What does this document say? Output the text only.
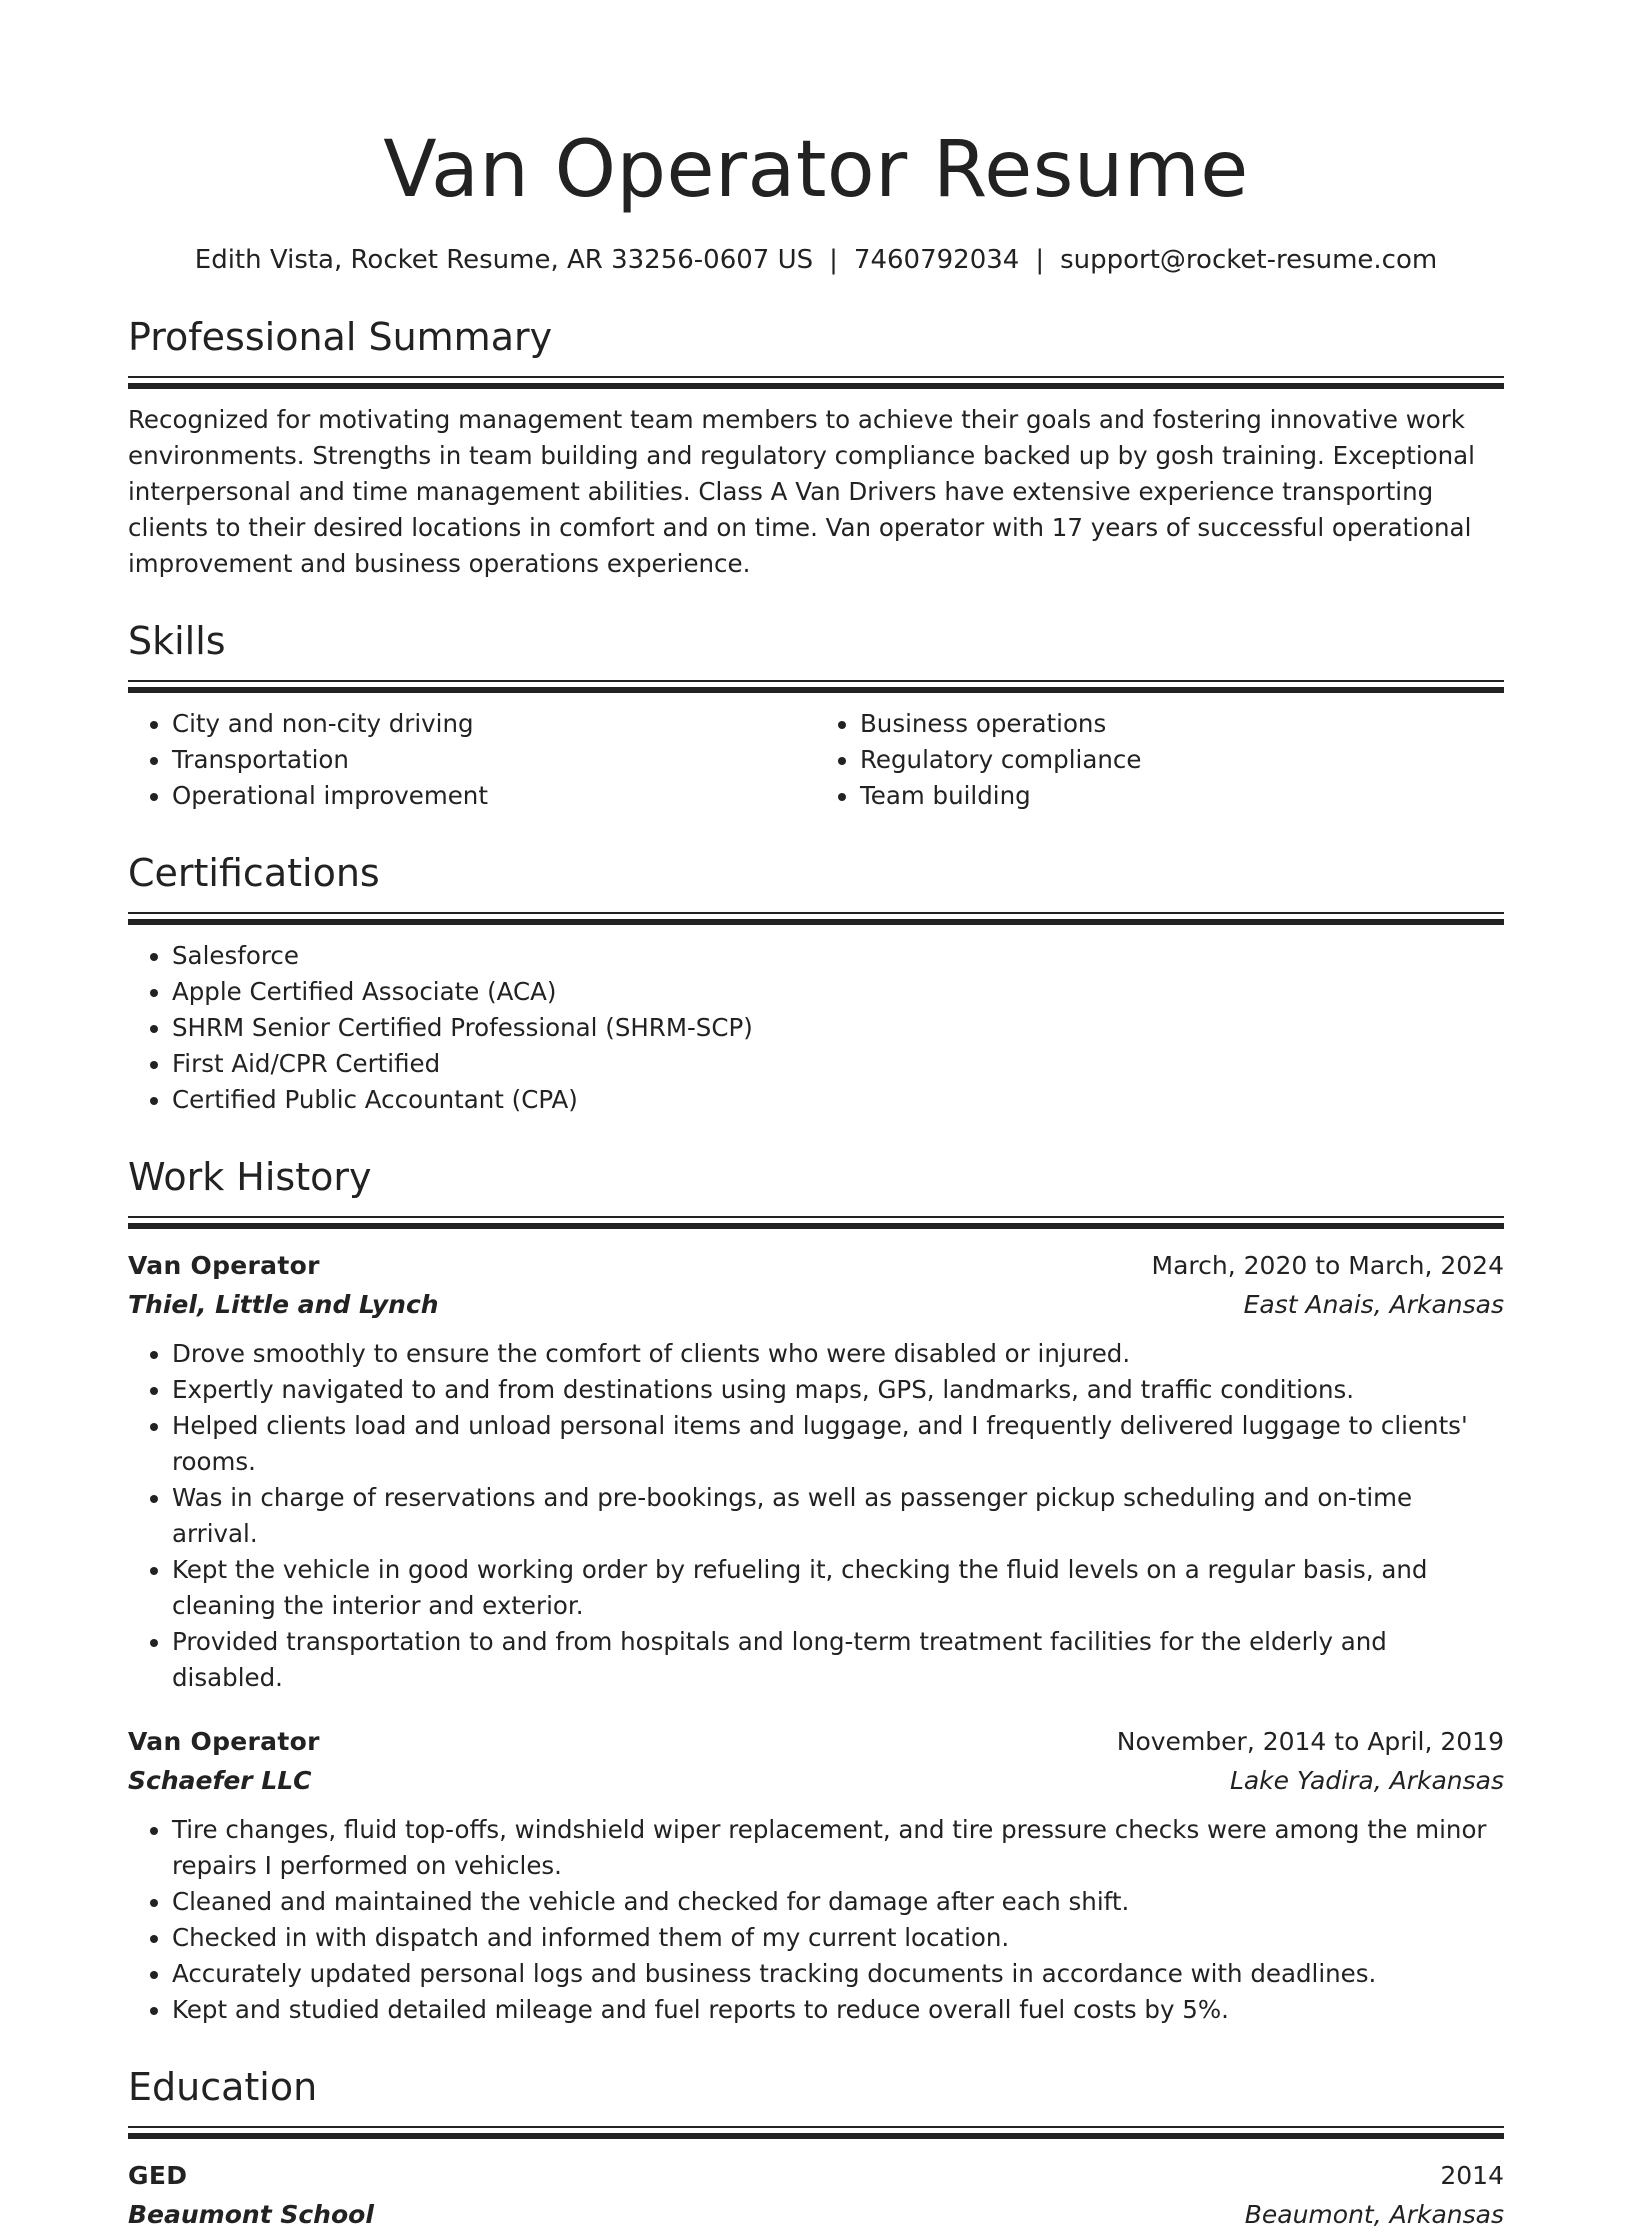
Van Operator Resume
Edith Vista, Rocket Resume, AR 33256-0607 US | 7460792034 | support@rocket-resume.com
Professional Summary
Recognized for motivating management team members to achieve their goals and fostering innovative work environments. Strengths in team building and regulatory compliance backed up by gosh training. Exceptional interpersonal and time management abilities. Class A Van Drivers have extensive experience transporting clients to their desired locations in comfort and on time. Van operator with 17 years of successful operational improvement and business operations experience.
Skills
• City and non-city driving
• Transportation
• Operational improvement
• Business operations
• Regulatory compliance
• Team building
Certifications
• Salesforce
• Apple Certified Associate (ACA)
• SHRM Senior Certified Professional (SHRM-SCP)
• First Aid/CPR Certified
• Certified Public Accountant (CPA)
Work History
Van Operator	March, 2020 to March, 2024
Thiel, Little and Lynch	East Anais, Arkansas
• Drove smoothly to ensure the comfort of clients who were disabled or injured.
• Expertly navigated to and from destinations using maps, GPS, landmarks, and traffic conditions.
• Helped clients load and unload personal items and luggage, and I frequently delivered luggage to clients' rooms.
• Was in charge of reservations and pre-bookings, as well as passenger pickup scheduling and on-time arrival.
• Kept the vehicle in good working order by refueling it, checking the fluid levels on a regular basis, and cleaning the interior and exterior.
• Provided transportation to and from hospitals and long-term treatment facilities for the elderly and disabled.
Van Operator	November, 2014 to April, 2019
Schaefer LLC	Lake Yadira, Arkansas
• Tire changes, fluid top-offs, windshield wiper replacement, and tire pressure checks were among the minor repairs I performed on vehicles.
• Cleaned and maintained the vehicle and checked for damage after each shift.
• Checked in with dispatch and informed them of my current location.
• Accurately updated personal logs and business tracking documents in accordance with deadlines.
• Kept and studied detailed mileage and fuel reports to reduce overall fuel costs by 5%.
Education
GED	2014
Beaumont School	Beaumont, Arkansas
